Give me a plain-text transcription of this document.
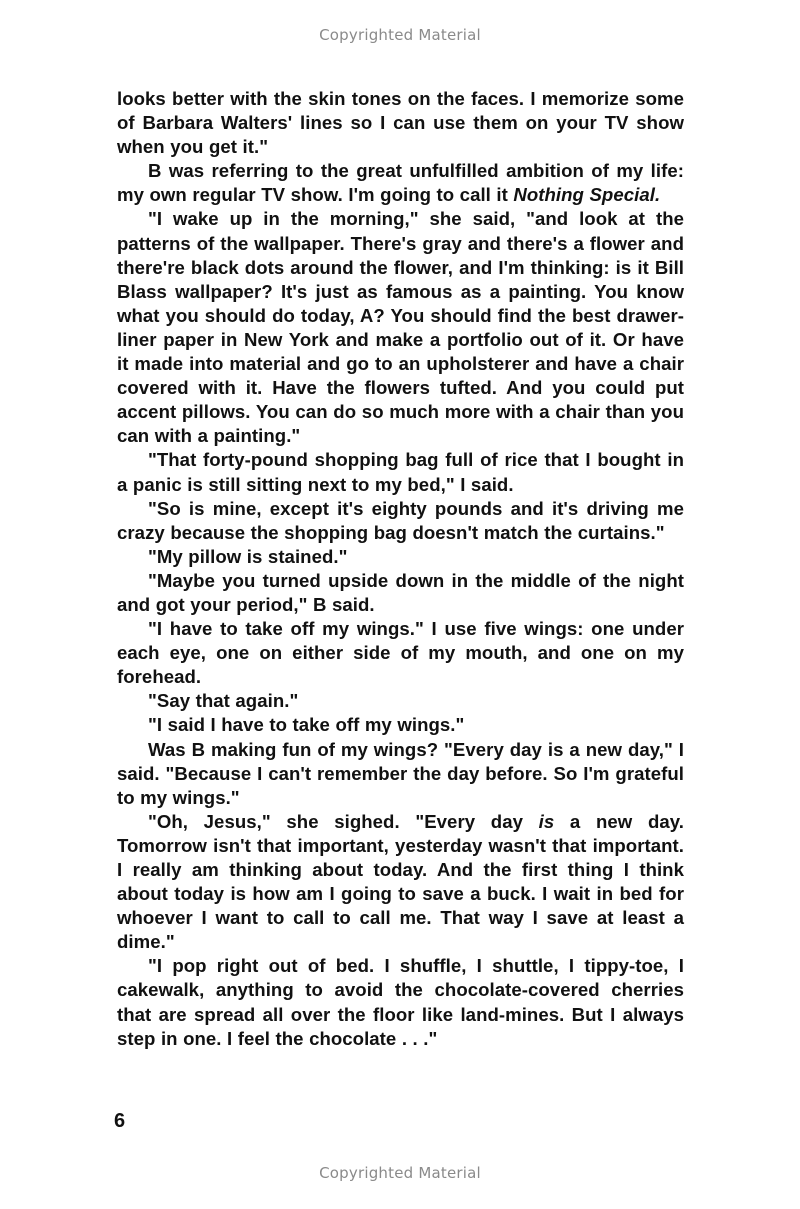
Copyrighted Material

looks better with the skin tones on the faces. I memorize some of Barbara Walters' lines so I can use them on your TV show when you get it."

B was referring to the great unfulfilled ambition of my life: my own regular TV show. I'm going to call it Nothing Special.

"I wake up in the morning," she said, "and look at the patterns of the wallpaper. There's gray and there's a flower and there're black dots around the flower, and I'm thinking: is it Bill Blass wallpaper? It's just as famous as a painting. You know what you should do today, A? You should find the best drawer-liner paper in New York and make a portfolio out of it. Or have it made into material and go to an upholsterer and have a chair covered with it. Have the flowers tufted. And you could put accent pillows. You can do so much more with a chair than you can with a painting."

"That forty-pound shopping bag full of rice that I bought in a panic is still sitting next to my bed," I said.

"So is mine, except it's eighty pounds and it's driving me crazy because the shopping bag doesn't match the curtains."

"My pillow is stained."

"Maybe you turned upside down in the middle of the night and got your period," B said.

"I have to take off my wings." I use five wings: one under each eye, one on either side of my mouth, and one on my forehead.

"Say that again."

"I said I have to take off my wings."

Was B making fun of my wings? "Every day is a new day," I said. "Because I can't remember the day before. So I'm grateful to my wings."

"Oh, Jesus," she sighed. "Every day is a new day. Tomorrow isn't that important, yesterday wasn't that important. I really am thinking about today. And the first thing I think about today is how am I going to save a buck. I wait in bed for whoever I want to call to call me. That way I save at least a dime."

"I pop right out of bed. I shuffle, I shuttle, I tippy-toe, I cakewalk, anything to avoid the chocolate-covered cherries that are spread all over the floor like land-mines. But I always step in one. I feel the chocolate . . ."

6
Copyrighted Material
